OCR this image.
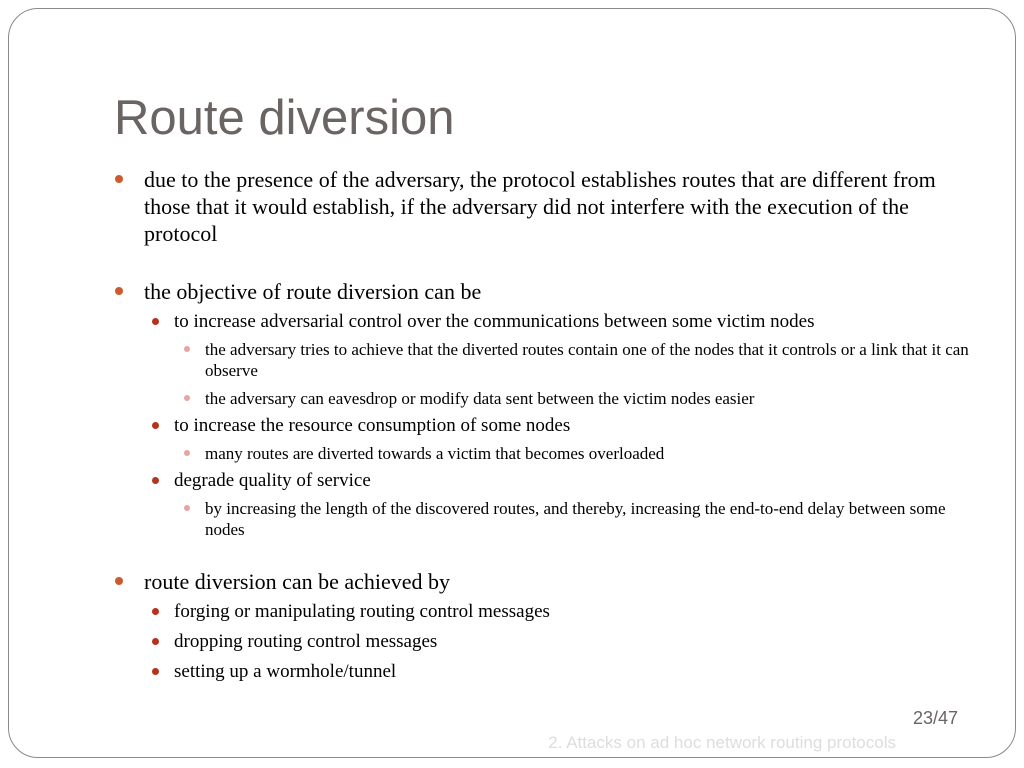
Route diversion
due to the presence of the adversary, the protocol establishes routes that are different from those that it would establish, if the adversary did not interfere with the execution of the protocol
the objective of route diversion can be
to increase adversarial control over the communications between some victim nodes
the adversary tries to achieve that the diverted routes contain one of the nodes that it controls or a link that it can observe
the adversary can eavesdrop or modify data sent between the victim nodes easier
to increase the resource consumption of some nodes
many routes are diverted towards a victim that becomes overloaded
degrade quality of service
by increasing the length of the discovered routes, and thereby, increasing the end-to-end delay between some nodes
route diversion can be achieved by
forging or manipulating routing control messages
dropping routing control messages
setting up a wormhole/tunnel
23/47
2. Attacks on ad hoc network routing protocols
